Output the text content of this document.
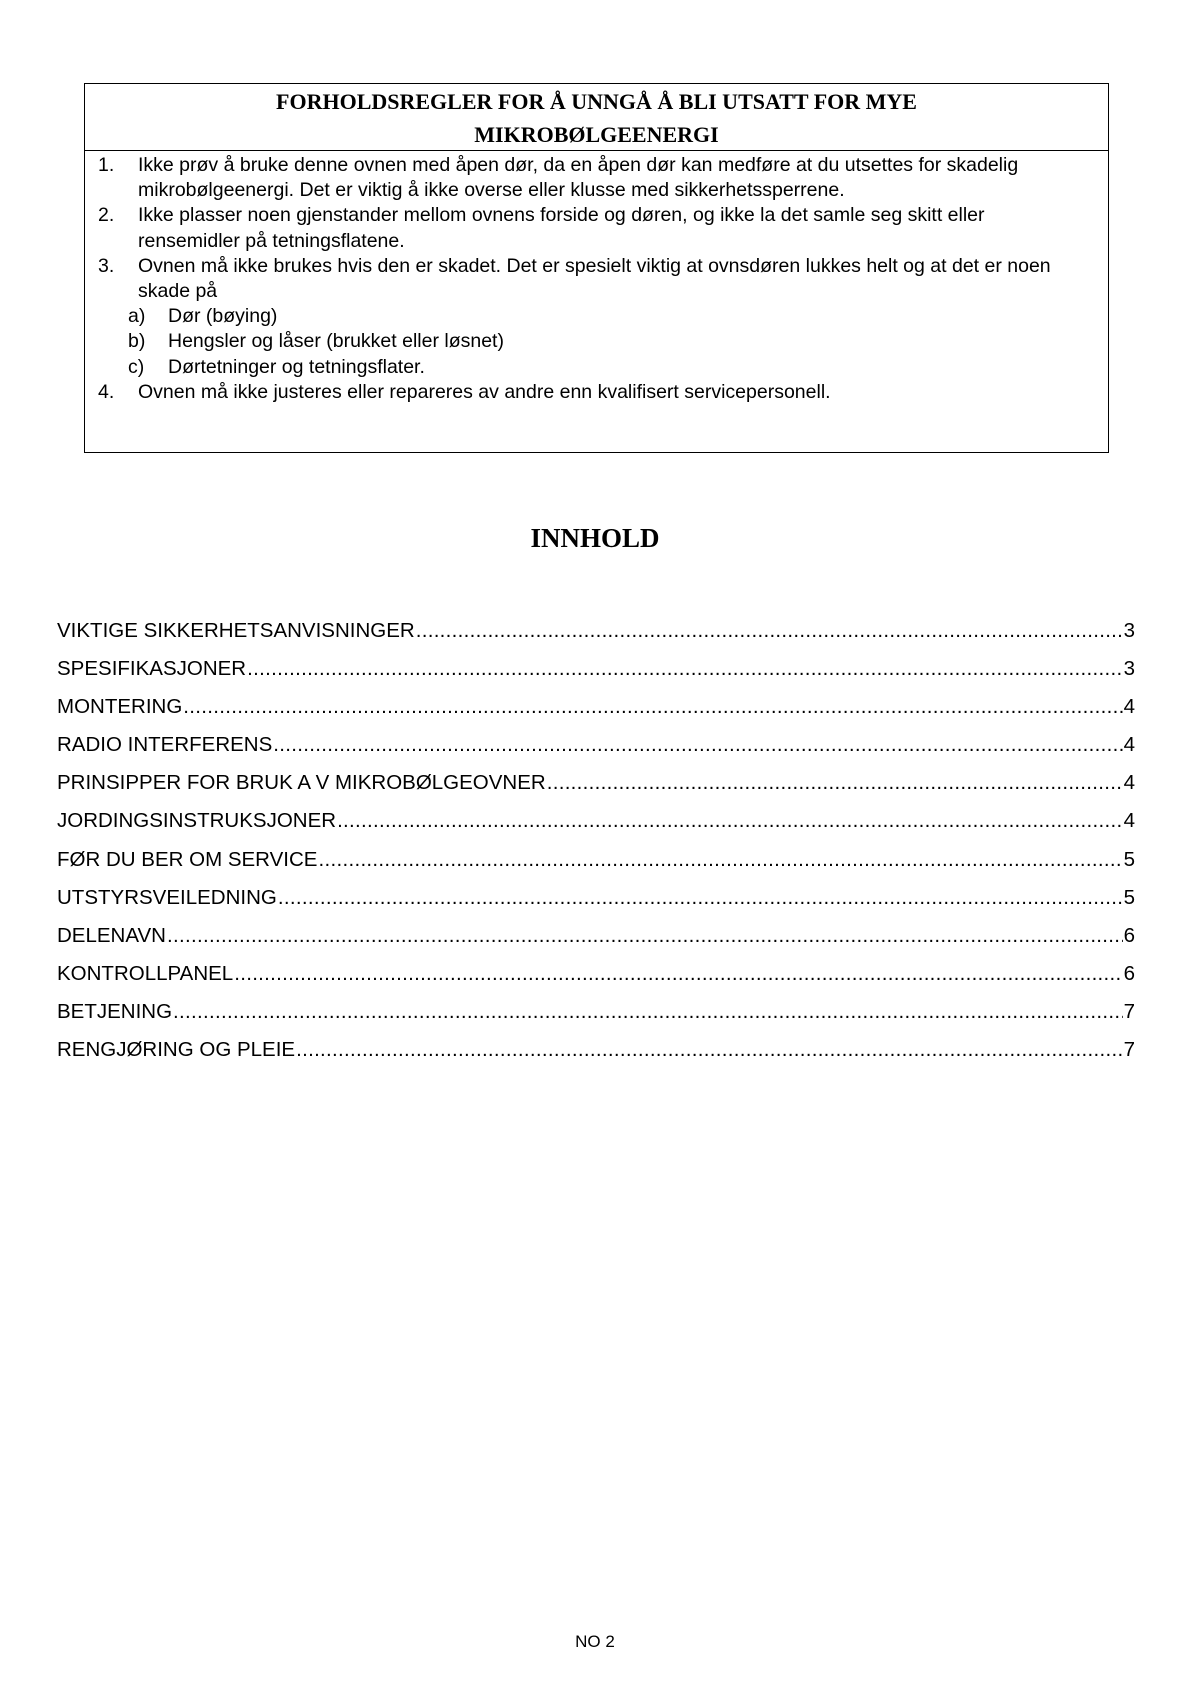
FORHOLDSREGLER FOR Å UNNGÅ Å BLI UTSATT FOR MYE
MIKROBØLGEENERGI
1. Ikke prøv å bruke denne ovnen med åpen dør, da en åpen dør kan medføre at du utsettes for skadelig mikrobølgeenergi. Det er viktig å ikke overse eller klusse med sikkerhetssperrene.
2. Ikke plasser noen gjenstander mellom ovnens forside og døren, og ikke la det samle seg skitt eller rensemidler på tetningsflatene.
3. Ovnen må ikke brukes hvis den er skadet. Det er spesielt viktig at ovnsdøren lukkes helt og at det er noen skade på
a) Dør (bøying)
b) Hengsler og låser (brukket eller løsnet)
c) Dørtetninger og tetningsflater.
4. Ovnen må ikke justeres eller repareres av andre enn kvalifisert servicepersonell.
INNHOLD
VIKTIGE SIKKERHETSANVISNINGER .....	3
SPESIFIKASJONER .....	3
MONTERING .....	4
RADIO INTERFERENS .....	4
PRINSIPPER FOR BRUK A V MIKROBØLGEOVNER .....	4
JORDINGSINSTRUKSJONER .....	4
FØR DU BER OM SERVICE .....	5
UTSTYRSVEILEDNING .....	5
DELENAVN .....	6
KONTROLLPANEL .....	6
BETJENING .....	7
RENGJØRING OG PLEIE .....	7
NO 2
